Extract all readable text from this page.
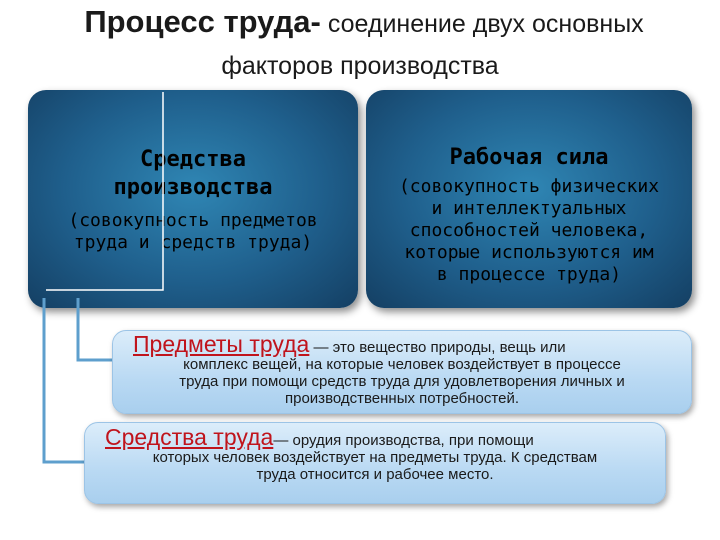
Процесс труда- соединение двух основных
факторов производства
Средства
производства
(совокупность предметов
труда и средств труда)
Рабочая сила
(совокупность физических
и интеллектуальных
способностей человека,
которые используются им
в процессе труда)
Предметы труда — это вещество природы, вещь или
комплекс вещей, на которые человек воздействует в процессе
труда при помощи средств труда для удовлетворения личных и
производственных потребностей.
Средства труда— орудия производства, при помощи
которых человек воздействует на предметы труда. К средствам
труда относится и рабочее место.
